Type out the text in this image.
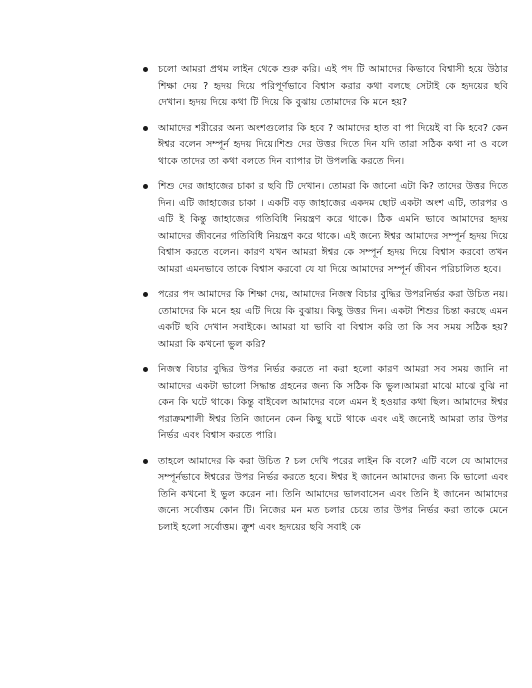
চলো আমরা প্রথম লাইন থেকে শুরু করি। এই পদ টি আমাদের কিভাবে বিশ্বাসী হয়ে উঠার শিক্ষা দেয় ? হৃদয় দিয়ে পরিপূর্ণভাবে বিশ্বাস করার কথা বলছে সেটাই কে হৃদয়ের ছবি দেখান। হৃদয় দিয়ে কথা টি দিয়ে কি বুঝায় তোমাদের কি মনে হয়?

আমাদের শরীরের অন্য অংশগুলোর কি হবে ? আমাদের হাত বা পা দিয়েই বা কি হবে? কেন ঈশ্বর বলেন সম্পূর্ন হৃদয় দিয়ে।শিশু দের উত্তর দিতে দিন যদি তারা সঠিক কথা না ও বলে থাকে তাদের তা কথা বলতে দিন ব্যাপার টা উপলব্ধি করতে দিন।

শিশু দের জাহাজের চাকা র ছবি টি দেখান। তোমরা কি জানো এটা কি? তাদের উত্তর দিতে দিন। এটি জাহাজের চাকা । একটি বড় জাহাজের একদম ছোট একটা অংশ এটি, তারপর ও এটি ই কিন্তু জাহাজের গতিবিধি নিয়ন্ত্রণ করে থাকে। ঠিক এমনি ভাবে আমাদের হৃদয় আমাদের জীবনের গতিবিধি নিয়ন্ত্রণ করে থাকে। এই জন্যে ঈশ্বর আমাদের সম্পূর্ন হৃদয় দিয়ে বিশ্বাস করতে বলেন। কারণ যখন আমরা ঈশ্বর কে সম্পূর্ন হৃদয় দিয়ে বিশ্বাস করবো তখন আমরা এমনভাবে তাকে বিশ্বাস করবো যে যা দিয়ে আমাদের সম্পূর্ন জীবন পরিচালিত হবে।

পরের পদ আমাদের কি শিক্ষা দেয়, আমাদের নিজস্ব বিচার বুদ্ধির উপরনির্ভর করা উচিত নয়। তোমাদের কি মনে হয় এটি দিয়ে কি বুঝায়। কিছু উত্তর দিন। একটা শিশুর চিন্তা করছে এমন একটি ছবি দেখান সবাইকে। আমরা যা ভাবি বা বিশ্বাস করি তা কি সব সময় সঠিক হয়? আমরা কি কখনো ভুল করি?

নিজস্ব বিচার বুদ্ধির উপর নির্ভর করতে না করা হলো কারণ আমরা সব সময় জানি না আমাদের একটা ভালো সিদ্ধান্ত গ্রহনের জন্য কি সঠিক কি ভুল।আমরা মাঝে মাঝে বুঝি না কেন কি ঘটে থাকে। কিন্তু বাইবেল আমাদের বলে এমন ই হওয়ার কথা ছিল। আমাদের ঈশ্বর পরাক্রমশালী ঈশ্বর তিনি জানেন কেন কিছু ঘটে থাকে এবং এই জন্যেই আমরা তার উপর নির্ভর এবং বিশ্বাস করতে পারি।

তাহলে আমাদের কি করা উচিত ? চল দেখি পরের লাইন কি বলে? এটি বলে যে আমাদের সম্পূর্নভাবে ঈশ্বরের উপর নির্ভর করতে হবে। ঈশ্বর ই জানেন আমাদের জন্য কি ভালো এবং তিনি কখনো ই ভুল করেন না। তিনি আমাদের ভালবাসেন এবং তিনি ই জানেন আমাদের জন্যে সর্বোত্তম কোন টি। নিজের মন মত চলার চেয়ে তার উপর নির্ভর করা তাকে মেনে চলাই হলো সর্বোত্তম। ক্রুশ এবং হৃদয়ের ছবি সবাই কে
